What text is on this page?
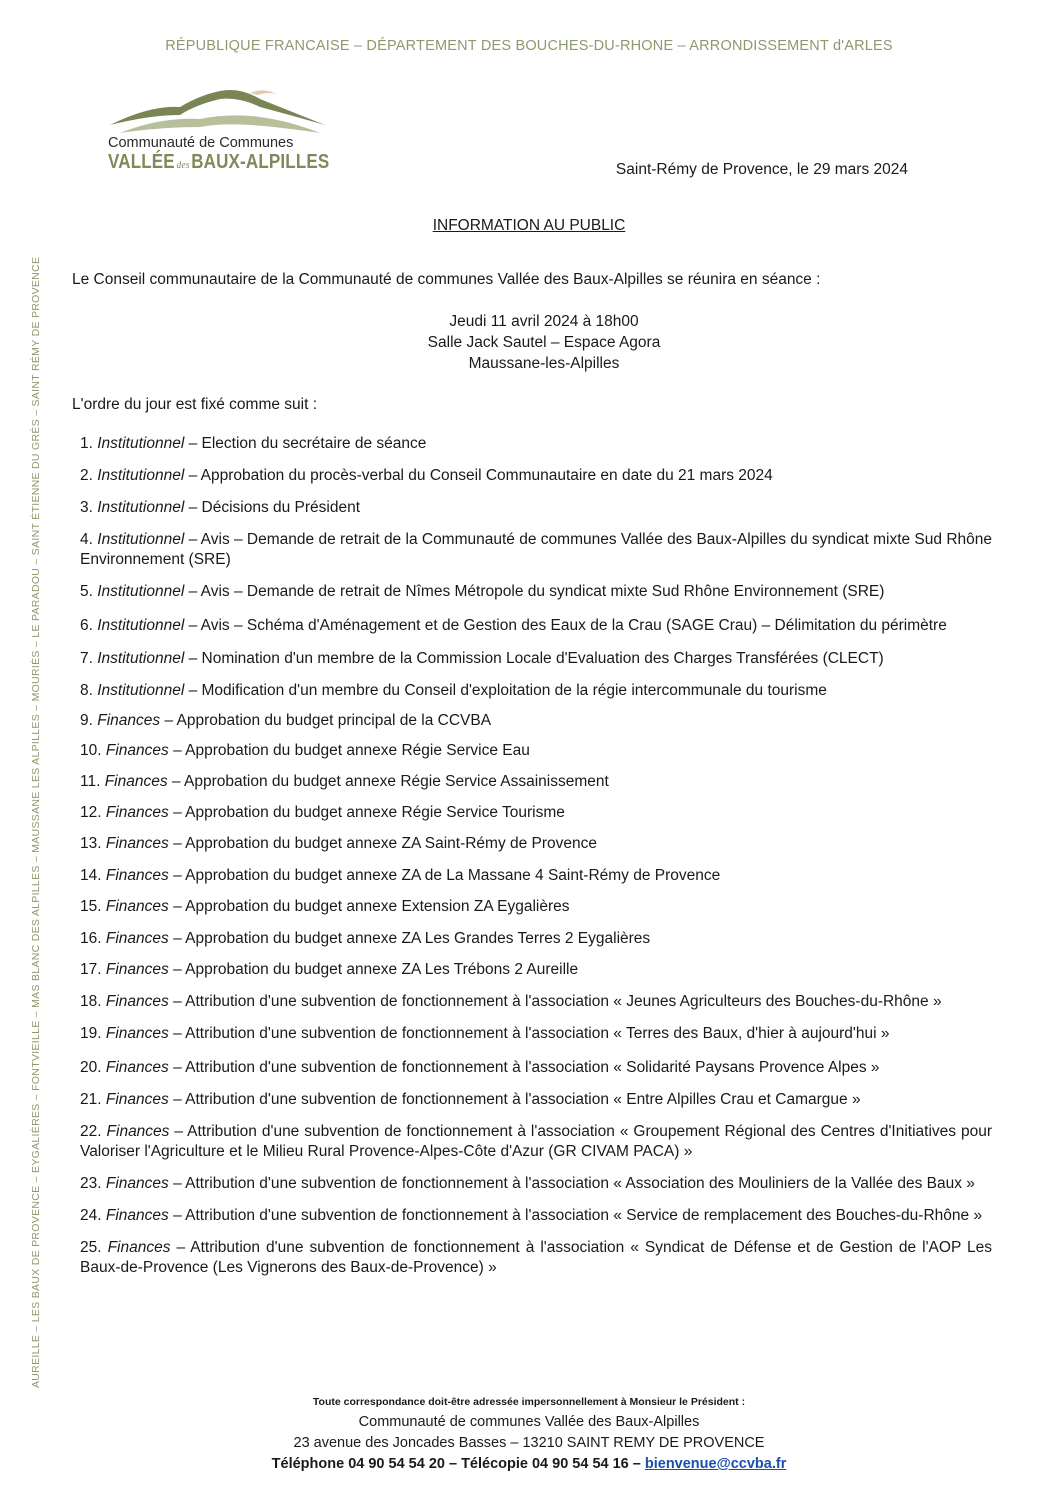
RÉPUBLIQUE FRANCAISE – DÉPARTEMENT DES BOUCHES-DU-RHONE – ARRONDISSEMENT d'ARLES
AUREILLE – LES BAUX DE PROVENCE – EYGALIÈRES – FONTVIEILLE – MAS BLANC DES ALPILLES – MAUSSANE LES ALPILLES – MOURIÈS – LE PARADOU – SAINT ÉTIENNE DU GRÈS – SAINT RÉMY DE PROVENCE
Communauté de Communes
VALLÉE desBAUX-ALPILLES	Saint-Rémy de Provence, le 29 mars 2024
INFORMATION AU PUBLIC
Le Conseil communautaire de la Communauté de communes Vallée des Baux-Alpilles se réunira en séance :
Jeudi 11 avril 2024 à 18h00
Salle Jack Sautel – Espace Agora
Maussane-les-Alpilles
L'ordre du jour est fixé comme suit :
1. Institutionnel – Election du secrétaire de séance
2. Institutionnel – Approbation du procès-verbal du Conseil Communautaire en date du 21 mars 2024
3. Institutionnel – Décisions du Président
4. Institutionnel – Avis – Demande de retrait de la Communauté de communes Vallée des Baux-Alpilles du syndicat mixte Sud Rhône Environnement (SRE)
5. Institutionnel – Avis – Demande de retrait de Nîmes Métropole du syndicat mixte Sud Rhône Environnement (SRE)
6. Institutionnel – Avis – Schéma d'Aménagement et de Gestion des Eaux de la Crau (SAGE Crau) – Délimitation du périmètre
7. Institutionnel – Nomination d'un membre de la Commission Locale d'Evaluation des Charges Transférées (CLECT)
8. Institutionnel – Modification d'un membre du Conseil d'exploitation de la régie intercommunale du tourisme
9. Finances – Approbation du budget principal de la CCVBA
10. Finances – Approbation du budget annexe Régie Service Eau
11. Finances – Approbation du budget annexe Régie Service Assainissement
12. Finances – Approbation du budget annexe Régie Service Tourisme
13. Finances – Approbation du budget annexe ZA Saint-Rémy de Provence
14. Finances – Approbation du budget annexe ZA de La Massane 4 Saint-Rémy de Provence
15. Finances – Approbation du budget annexe Extension ZA Eygalières
16. Finances – Approbation du budget annexe ZA Les Grandes Terres 2 Eygalières
17. Finances – Approbation du budget annexe ZA Les Trébons 2 Aureille
18. Finances – Attribution d'une subvention de fonctionnement à l'association « Jeunes Agriculteurs des Bouches-du-Rhône »
19. Finances – Attribution d'une subvention de fonctionnement à l'association « Terres des Baux, d'hier à aujourd'hui »
20. Finances – Attribution d'une subvention de fonctionnement à l'association « Solidarité Paysans Provence Alpes »
21. Finances – Attribution d'une subvention de fonctionnement à l'association « Entre Alpilles Crau et Camargue »
22. Finances – Attribution d'une subvention de fonctionnement à l'association « Groupement Régional des Centres d'Initiatives pour Valoriser l'Agriculture et le Milieu Rural Provence-Alpes-Côte d'Azur (GR CIVAM PACA) »
23. Finances – Attribution d'une subvention de fonctionnement à l'association « Association des Mouliniers de la Vallée des Baux »
24. Finances – Attribution d'une subvention de fonctionnement à l'association « Service de remplacement des Bouches-du-Rhône »
25. Finances – Attribution d'une subvention de fonctionnement à l'association « Syndicat de Défense et de Gestion de l'AOP Les Baux-de-Provence (Les Vignerons des Baux-de-Provence) »
Toute correspondance doit-être adressée impersonnellement à Monsieur le Président :
Communauté de communes Vallée des Baux-Alpilles
23 avenue des Joncades Basses – 13210 SAINT REMY DE PROVENCE
Téléphone 04 90 54 54 20 – Télécopie 04 90 54 54 16 – bienvenue@ccvba.fr
